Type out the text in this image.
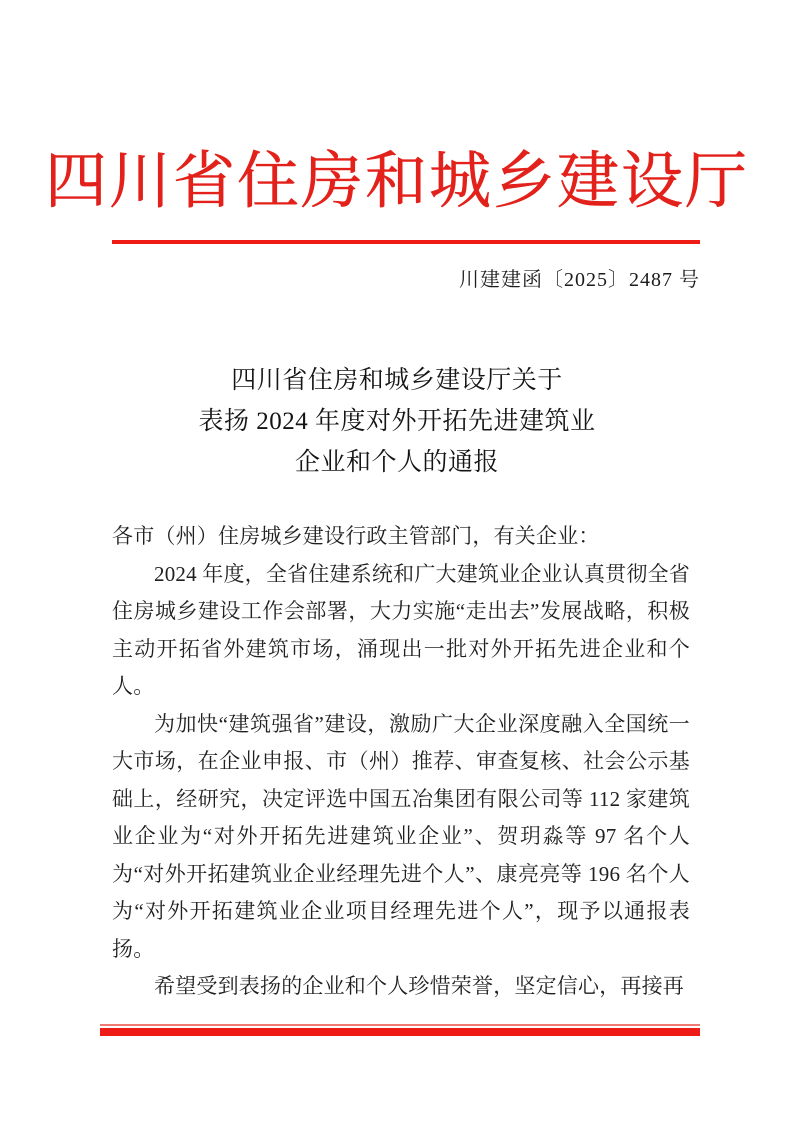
四川省住房和城乡建设厅
川建建函〔2025〕2487 号
四川省住房和城乡建设厅关于
表扬 2024 年度对外开拓先进建筑业
企业和个人的通报

各市（州）住房城乡建设行政主管部门，有关企业：

2024 年度，全省住建系统和广大建筑业企业认真贯彻全省住房城乡建设工作会部署，大力实施“走出去”发展战略，积极主动开拓省外建筑市场，涌现出一批对外开拓先进企业和个人。

为加快“建筑强省”建设，激励广大企业深度融入全国统一大市场，在企业申报、市（州）推荐、审查复核、社会公示基础上，经研究，决定评选中国五冶集团有限公司等 112 家建筑业企业为“对外开拓先进建筑业企业”、贺玥淼等 97 名个人为“对外开拓建筑业企业经理先进个人”、康亮亮等 196 名个人为“对外开拓建筑业企业项目经理先进个人”，现予以通报表扬。

希望受到表扬的企业和个人珍惜荣誉，坚定信心，再接再
